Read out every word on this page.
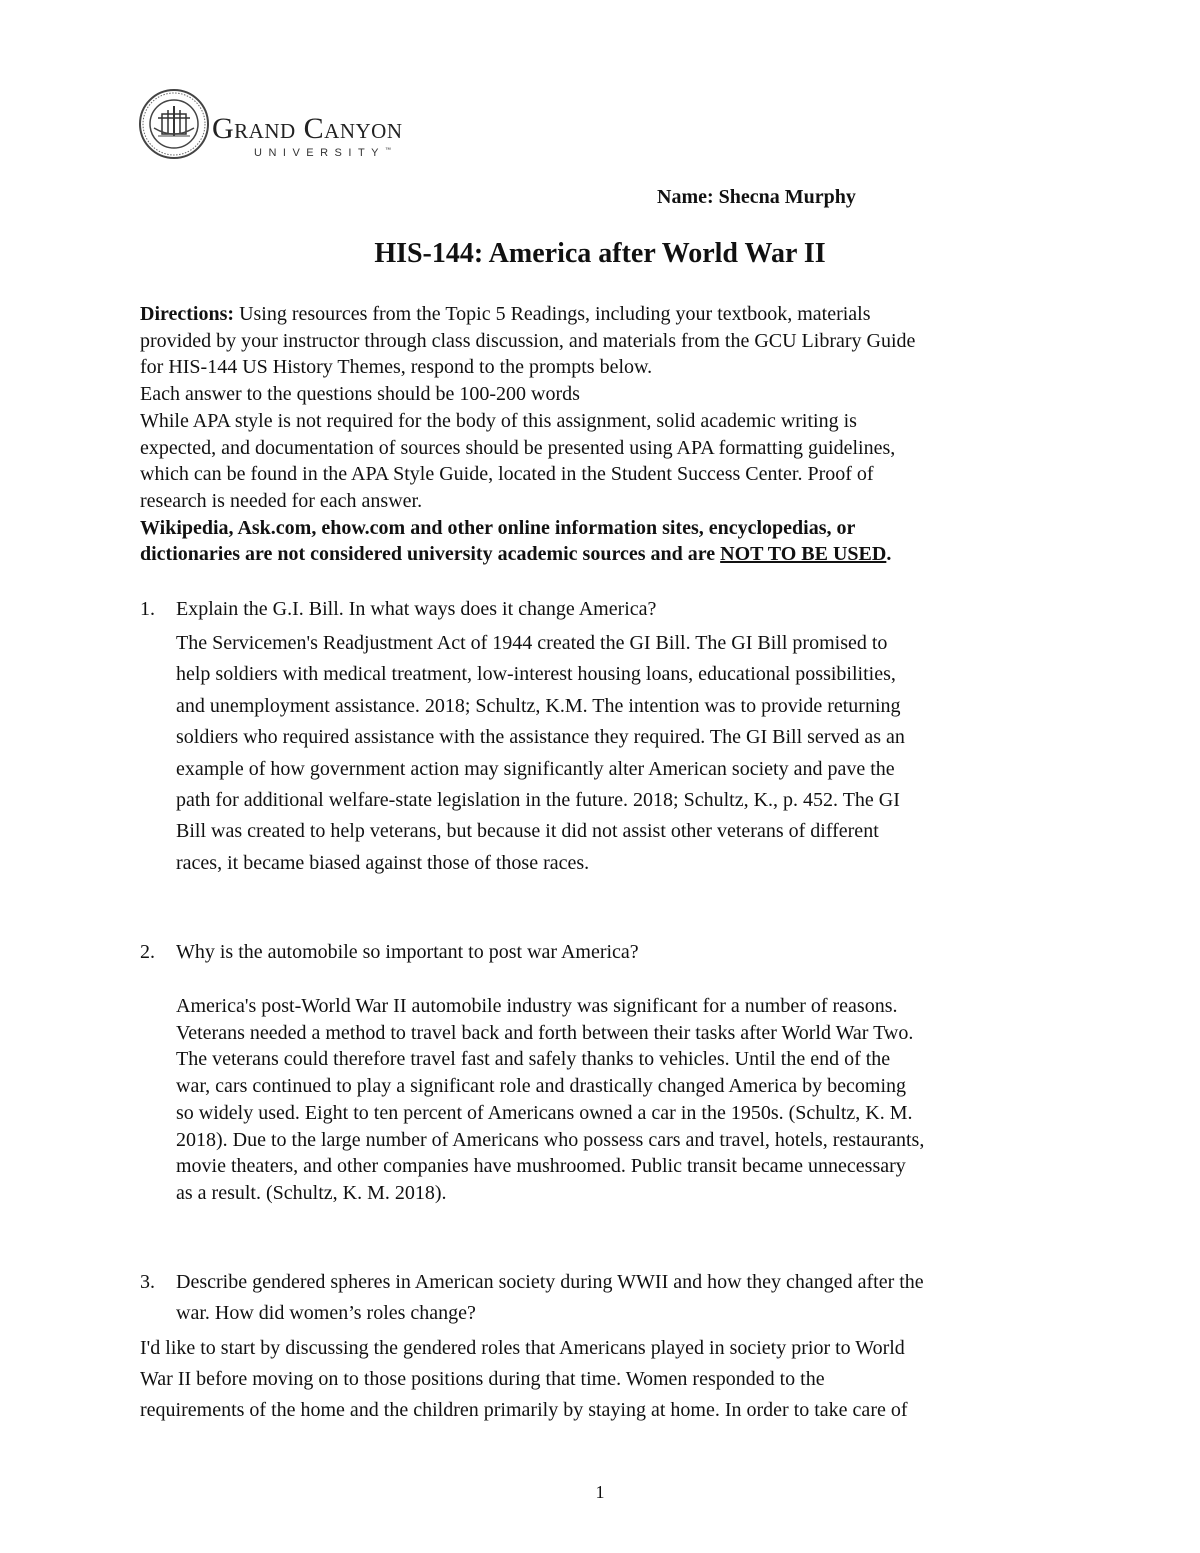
Grand Canyon
UNIVERSITY™
Name: Shecna Murphy
HIS-144: America after World War II

Directions: Using resources from the Topic 5 Readings, including your textbook, materials

provided by your instructor through class discussion, and materials from the GCU Library Guide

for HIS-144 US History Themes, respond to the prompts below.

Each answer to the questions should be 100-200 words

While APA style is not required for the body of this assignment, solid academic writing is

expected, and documentation of sources should be presented using APA formatting guidelines,

which can be found in the APA Style Guide, located in the Student Success Center. Proof of

research is needed for each answer.

Wikipedia, Ask.com, ehow.com and other online information sites, encyclopedias, or

dictionaries are not considered university academic sources and are NOT TO BE USED.

1. Explain the G.I. Bill. In what ways does it change America?

The Servicemen's Readjustment Act of 1944 created the GI Bill. The GI Bill promised to

help soldiers with medical treatment, low-interest housing loans, educational possibilities,

and unemployment assistance. 2018; Schultz, K.M. The intention was to provide returning

soldiers who required assistance with the assistance they required. The GI Bill served as an

example of how government action may significantly alter American society and pave the

path for additional welfare-state legislation in the future. 2018; Schultz, K., p. 452. The GI

Bill was created to help veterans, but because it did not assist other veterans of different

races, it became biased against those of those races.

2. Why is the automobile so important to post war America?

America's post-World War II automobile industry was significant for a number of reasons.

Veterans needed a method to travel back and forth between their tasks after World War Two.

The veterans could therefore travel fast and safely thanks to vehicles. Until the end of the

war, cars continued to play a significant role and drastically changed America by becoming

so widely used. Eight to ten percent of Americans owned a car in the 1950s. (Schultz, K. M.

2018). Due to the large number of Americans who possess cars and travel, hotels, restaurants,

movie theaters, and other companies have mushroomed. Public transit became unnecessary

as a result. (Schultz, K. M. 2018).

3. Describe gendered spheres in American society during WWII and how they changed after the
war. How did women’s roles change?

I'd like to start by discussing the gendered roles that Americans played in society prior to World

War II before moving on to those positions during that time. Women responded to the

requirements of the home and the children primarily by staying at home. In order to take care of

1
